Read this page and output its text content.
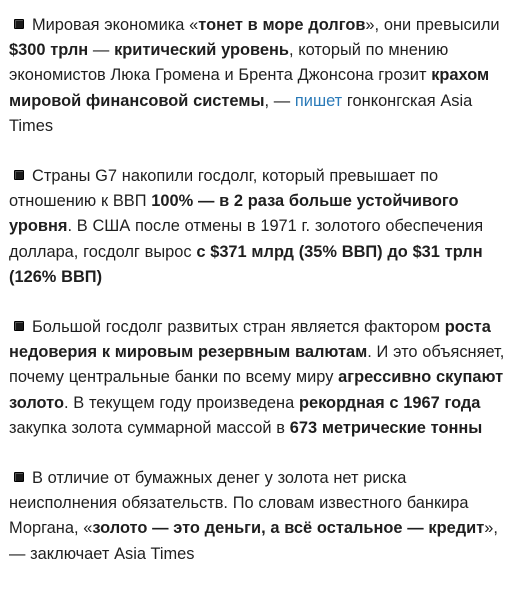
Мировая экономика «тонет в море долгов», они превысили $300 трлн — критический уровень, который по мнению экономистов Люка Громена и Брента Джонсона грозит крахом мировой финансовой системы, — пишет гонконгская Asia Times

Страны G7 накопили госдолг, который превышает по отношению к ВВП 100% — в 2 раза больше устойчивого уровня. В США после отмены в 1971 г. золотого обеспечения доллара, госдолг вырос с $371 млрд (35% ВВП) до $31 трлн (126% ВВП)

Большой госдолг развитых стран является фактором роста недоверия к мировым резервным валютам. И это объясняет, почему центральные банки по всему миру агрессивно скупают золото. В текущем году произведена рекордная с 1967 года закупка золота суммарной массой в 673 метрические тонны

В отличие от бумажных денег у золота нет риска неисполнения обязательств. По словам известного банкира Моргана, «золото — это деньги, а всё остальное — кредит», — заключает Asia Times
